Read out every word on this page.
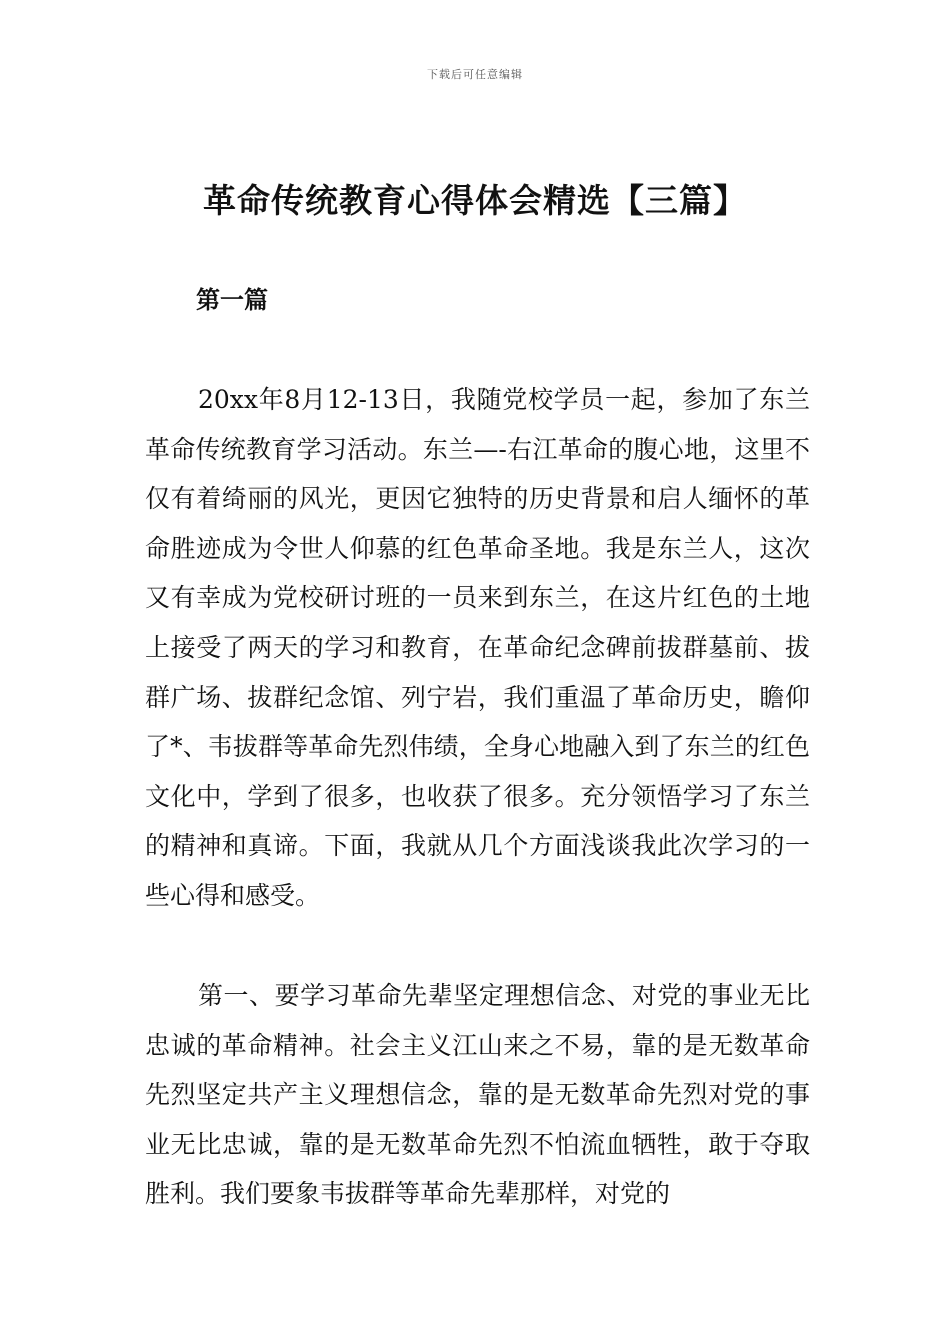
下载后可任意编辑
革命传统教育心得体会精选【三篇】
第一篇

20xx年8月12-13日，我随党校学员一起，参加了东兰革命传统教育学习活动。东兰—-右江革命的腹心地，这里不仅有着绮丽的风光，更因它独特的历史背景和启人缅怀的革命胜迹成为令世人仰慕的红色革命圣地。我是东兰人，这次又有幸成为党校研讨班的一员来到东兰，在这片红色的土地上接受了两天的学习和教育，在革命纪念碑前拔群墓前、拔群广场、拔群纪念馆、列宁岩，我们重温了革命历史，瞻仰了*、韦拔群等革命先烈伟绩，全身心地融入到了东兰的红色文化中，学到了很多，也收获了很多。充分领悟学习了东兰的精神和真谛。下面，我就从几个方面浅谈我此次学习的一些心得和感受。

第一、要学习革命先辈坚定理想信念、对党的事业无比忠诚的革命精神。社会主义江山来之不易，靠的是无数革命先烈坚定共产主义理想信念，靠的是无数革命先烈对党的事业无比忠诚，靠的是无数革命先烈不怕流血牺牲，敢于夺取胜利。我们要象韦拔群等革命先辈那样，对党的
